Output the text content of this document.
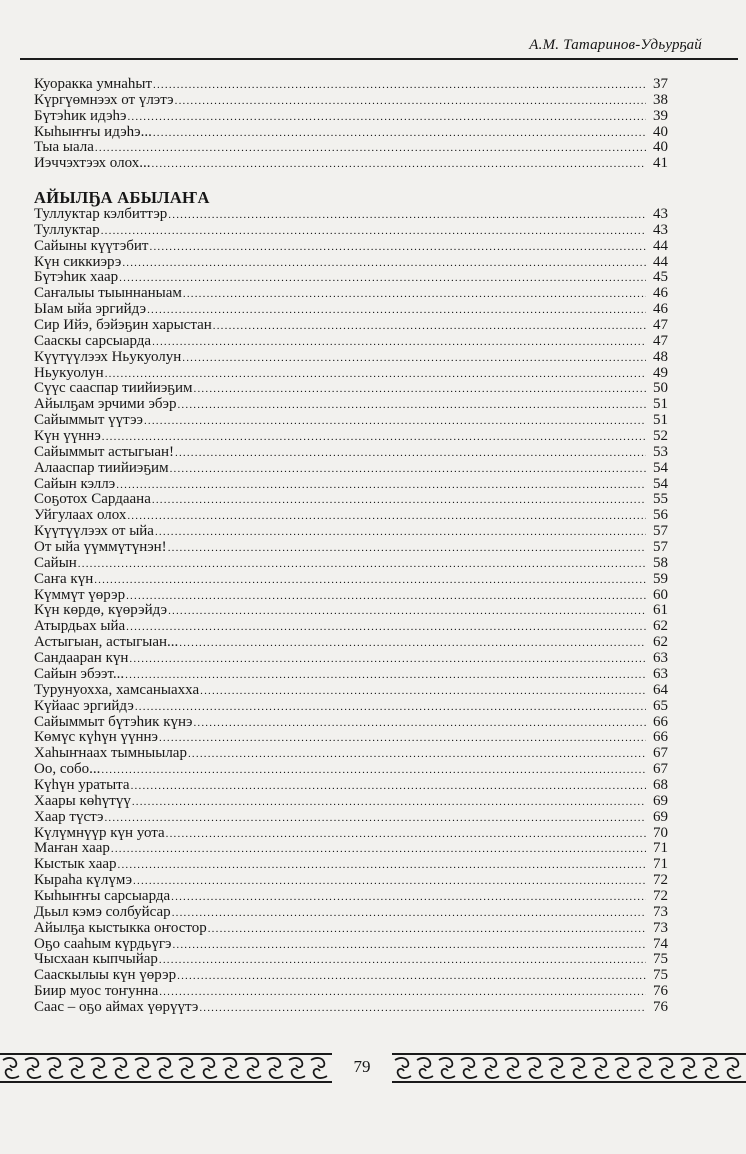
А.М. Татаринов-Удьурҕай
Куоракка умнаһыт .....	37
Күргүөмнээх от үлэтэ .....	38
Бүтэһик идэһэ .....	39
Кыһыҥҥы идэһэ... .....	40
Тыа ыала .....	40
Иэччэхтээх олох... .....	41
АЙЫЛҔА АБЫЛАҤА
Туллуктар кэлбиттэр .....	43
Туллуктар .....	43
Сайыны күүтэбит .....	44
Күн сиккиэрэ .....	44
Бүтэһик хаар .....	45
Саҥалыы тыыннаныам .....	46
Ыам ыйа эргийдэ .....	46
Сир Ийэ, бэйэҕин харыстан .....	47
Сааскы сарсыарда .....	47
Күүтүүлээх Ньукуолун .....	48
Ньукуолун .....	49
Сүүс сааспар тиийиэҕим .....	50
Айылҕам эрчими эбэр .....	51
Сайыммыт үүтээ .....	51
Күн үүннэ .....	52
Сайыммыт астыгыан! .....	53
Алааспар тиийиэҕим .....	54
Сайын кэллэ .....	54
Соҕотох Сардаана .....	55
Уйгулаах олох .....	56
Күүтүүлээх от ыйа .....	57
От ыйа үүммүтүнэн! .....	57
Сайын .....	58
Саҥа күн .....	59
Күммүт үөрэр .....	60
Күн көрдө, күөрэйдэ .....	61
Атырдьах ыйа .....	62
Астыгыан, астыгыан... .....	62
Сандааран күн .....	63
Сайын эбээт... .....	63
Турунуохха, хамсаныахха .....	64
Күйаас эргийдэ .....	65
Сайыммыт бүтэһик күнэ .....	66
Көмүс күһүн үүннэ .....	66
Хаһыҥнаах тымныылар .....	67
Оо, собо... .....	67
Күһүн уратыта .....	68
Хаары көһүтүү .....	69
Хаар түстэ .....	69
Күлүмнүүр күн уота .....	70
Маҥан хаар .....	71
Кыстык хаар .....	71
Кыраһа күлүмэ .....	72
Кыһыҥҥы сарсыарда .....	72
Дьыл кэмэ солбуйсар .....	73
Айылҕа кыстыкка оҥостор .....	73
Оҕо сааһым күрдьүгэ .....	74
Чысхаан кыпчыйар .....	75
Сааскылыы күн үөрэр .....	75
Биир муос тоҥунна .....	76
Саас – оҕо аймах үөрүүтэ .....	76
79
